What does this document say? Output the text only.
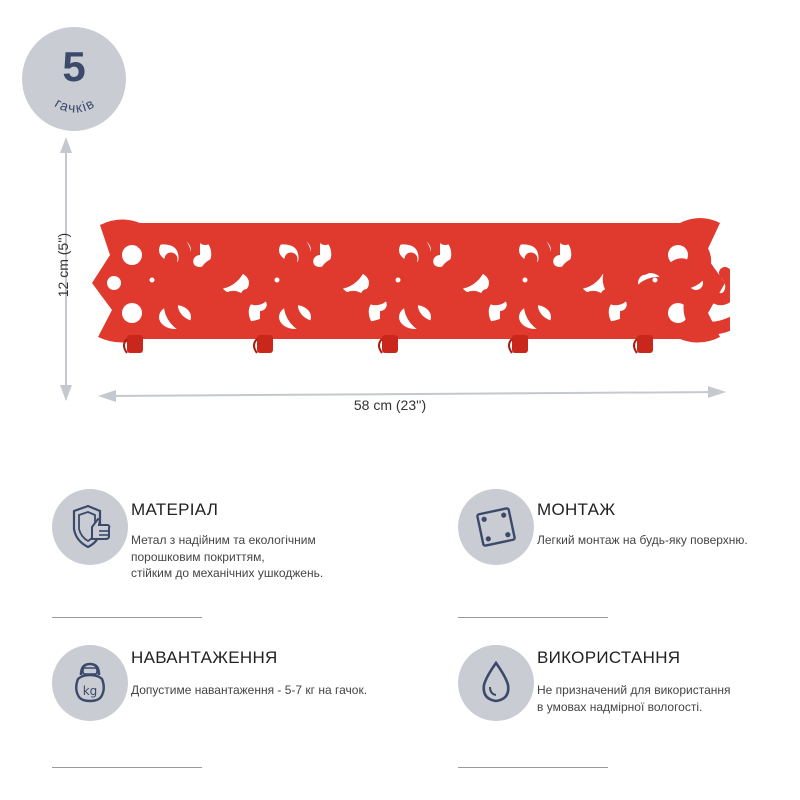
5
гачків
12 cm (5'')
58 cm (23'')
МАТЕРІАЛ
Метал з надійним та екологічним
порошковим покриттям,
стійким до механічних ушкоджень.
МОНТАЖ
Легкий монтаж на будь-яку поверхню.
kg
НАВАНТАЖЕННЯ
Допустиме навантаження - 5-7 кг на гачок.
ВИКОРИСТАННЯ
Не призначений для використання
в умовах надмірної вологості.
